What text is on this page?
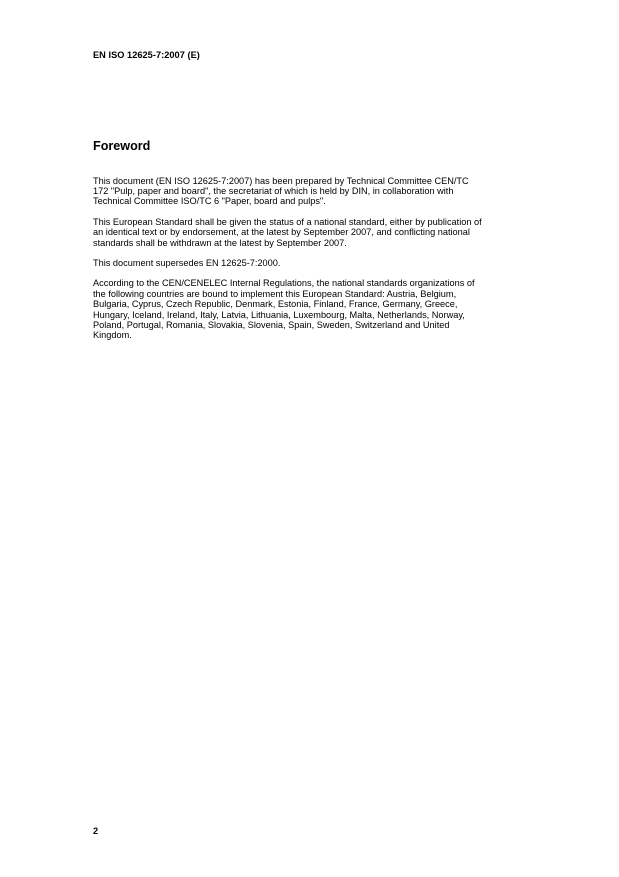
EN ISO 12625-7:2007 (E)
Foreword
This document (EN ISO 12625-7:2007) has been prepared by Technical Committee CEN/TC
172 "Pulp, paper and board", the secretariat of which is held by DIN, in collaboration with
Technical Committee ISO/TC 6 "Paper, board and pulps".
This European Standard shall be given the status of a national standard, either by publication of
an identical text or by endorsement, at the latest by September 2007, and conflicting national
standards shall be withdrawn at the latest by September 2007.
This document supersedes EN 12625-7:2000.
According to the CEN/CENELEC Internal Regulations, the national standards organizations of
the following countries are bound to implement this European Standard: Austria, Belgium,
Bulgaria, Cyprus, Czech Republic, Denmark, Estonia, Finland, France, Germany, Greece,
Hungary, Iceland, Ireland, Italy, Latvia, Lithuania, Luxembourg, Malta, Netherlands, Norway,
Poland, Portugal, Romania, Slovakia, Slovenia, Spain, Sweden, Switzerland and United
Kingdom.
2
